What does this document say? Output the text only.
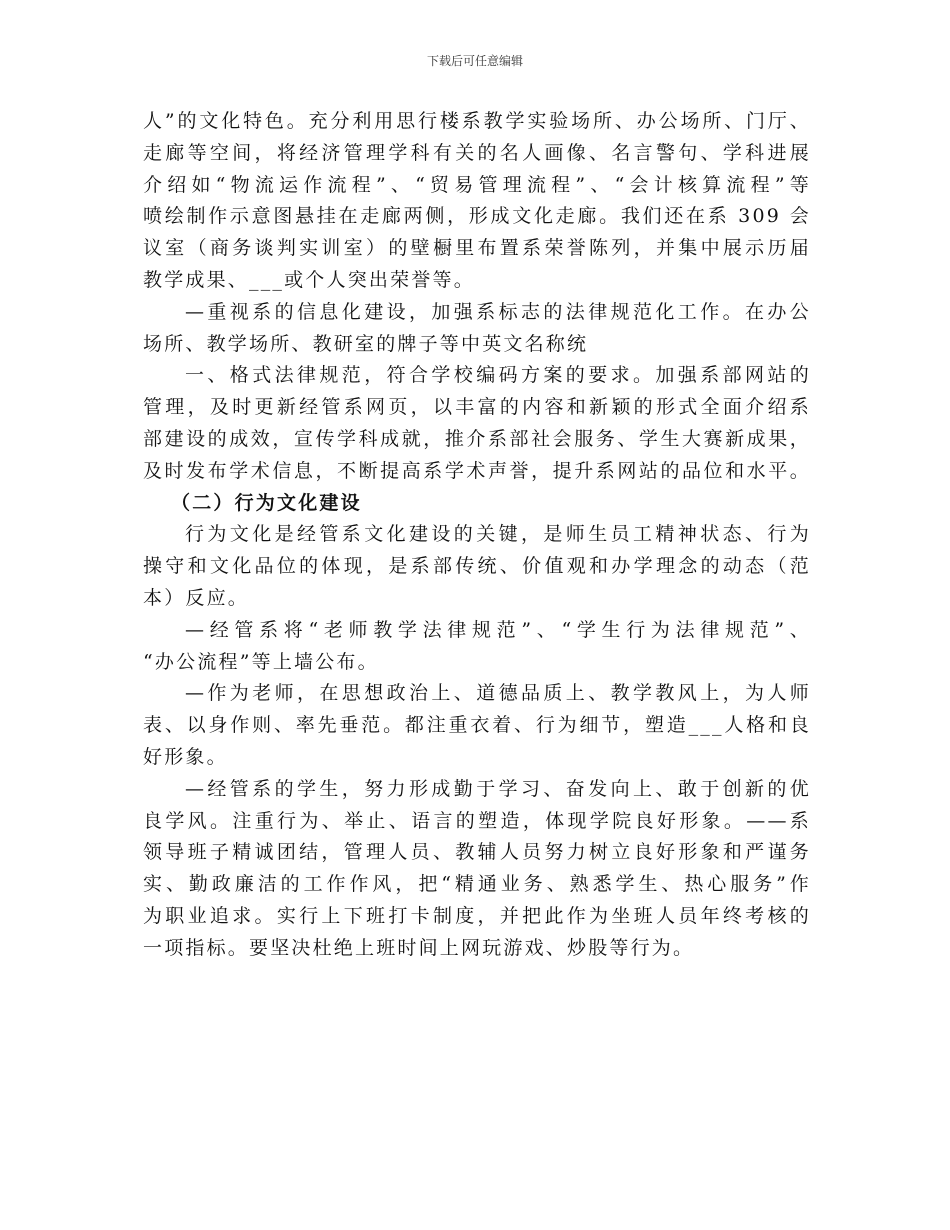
下载后可任意编辑
人”的文化特色。充分利用思行楼系教学实验场所、办公场所、门厅、
走廊等空间，将经济管理学科有关的名人画像、名言警句、学科进展
介绍如“物流运作流程”、“贸易管理流程”、“会计核算流程”等
喷绘制作示意图悬挂在走廊两侧，形成文化走廊。我们还在系 309 会
议室（商务谈判实训室）的壁橱里布置系荣誉陈列，并集中展示历届
教学成果、___或个人突出荣誉等。
—重视系的信息化建设，加强系标志的法律规范化工作。在办公
场所、教学场所、教研室的牌子等中英文名称统
一、格式法律规范，符合学校编码方案的要求。加强系部网站的
管理，及时更新经管系网页，以丰富的内容和新颖的形式全面介绍系
部建设的成效，宣传学科成就，推介系部社会服务、学生大赛新成果，
及时发布学术信息，不断提高系学术声誉，提升系网站的品位和水平。
（二）行为文化建设
行为文化是经管系文化建设的关键，是师生员工精神状态、行为
操守和文化品位的体现，是系部传统、价值观和办学理念的动态（范
本）反应。
—经管系将“老师教学法律规范”、“学生行为法律规范”、
“办公流程”等上墙公布。
—作为老师，在思想政治上、道德品质上、教学教风上，为人师
表、以身作则、率先垂范。都注重衣着、行为细节，塑造___人格和良
好形象。
—经管系的学生，努力形成勤于学习、奋发向上、敢于创新的优
良学风。注重行为、举止、语言的塑造，体现学院良好形象。——系
领导班子精诚团结，管理人员、教辅人员努力树立良好形象和严谨务
实、勤政廉洁的工作作风，把“精通业务、熟悉学生、热心服务”作
为职业追求。实行上下班打卡制度，并把此作为坐班人员年终考核的
一项指标。要坚决杜绝上班时间上网玩游戏、炒股等行为。
